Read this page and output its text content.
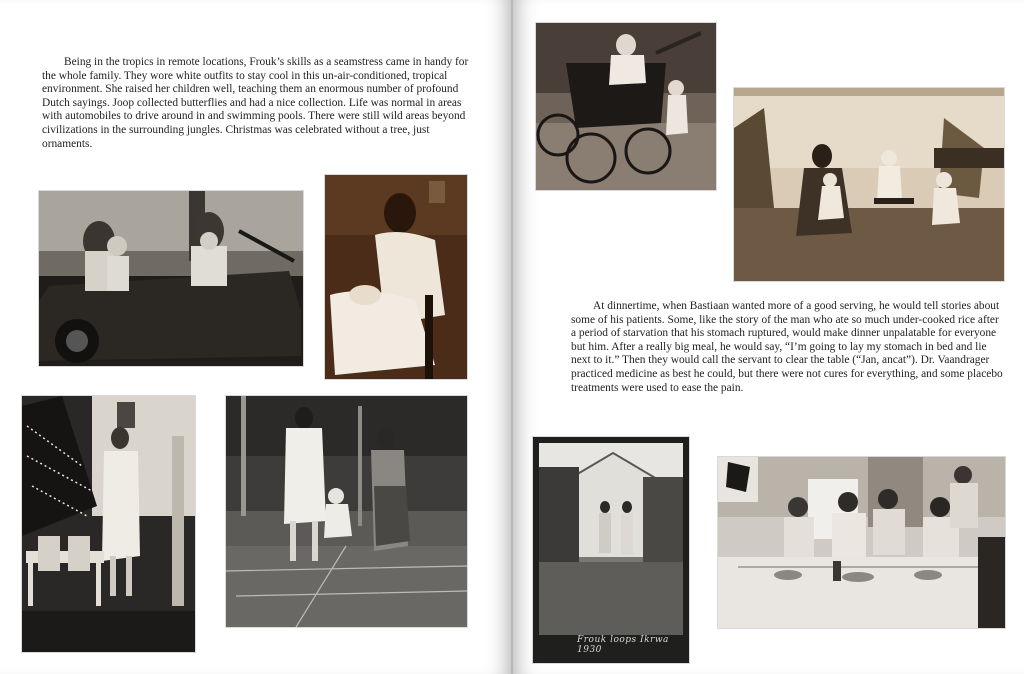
Being in the tropics in remote locations, Frouk’s skills as a seamstress came in handy for the whole family. They wore white outfits to stay cool in this un-air-conditioned, tropical environment. She raised her children well, teaching them an enormous number of profound Dutch sayings. Joop collected butterflies and had a nice collection. Life was normal in areas with automobiles to drive around in and swimming pools. There were still wild areas beyond civilizations in the surrounding jungles. Christmas was celebrated without a tree, just ornaments.

At dinnertime, when Bastiaan wanted more of a good serving, he would tell stories about some of his patients. Some, like the story of the man who ate so much under-cooked rice after a period of starvation that his stomach ruptured, would make dinner unpalatable for everyone but him. After a really big meal, he would say, “I’m going to lay my stomach in bed and lie next to it.” Then they would call the servant to clear the table (“Jan, ancat”). Dr. Vaandrager practiced medicine as best he could, but there were not cures for everything, and some placebo treatments were used to ease the pain.

Frouk loops Ikrwa 1930
